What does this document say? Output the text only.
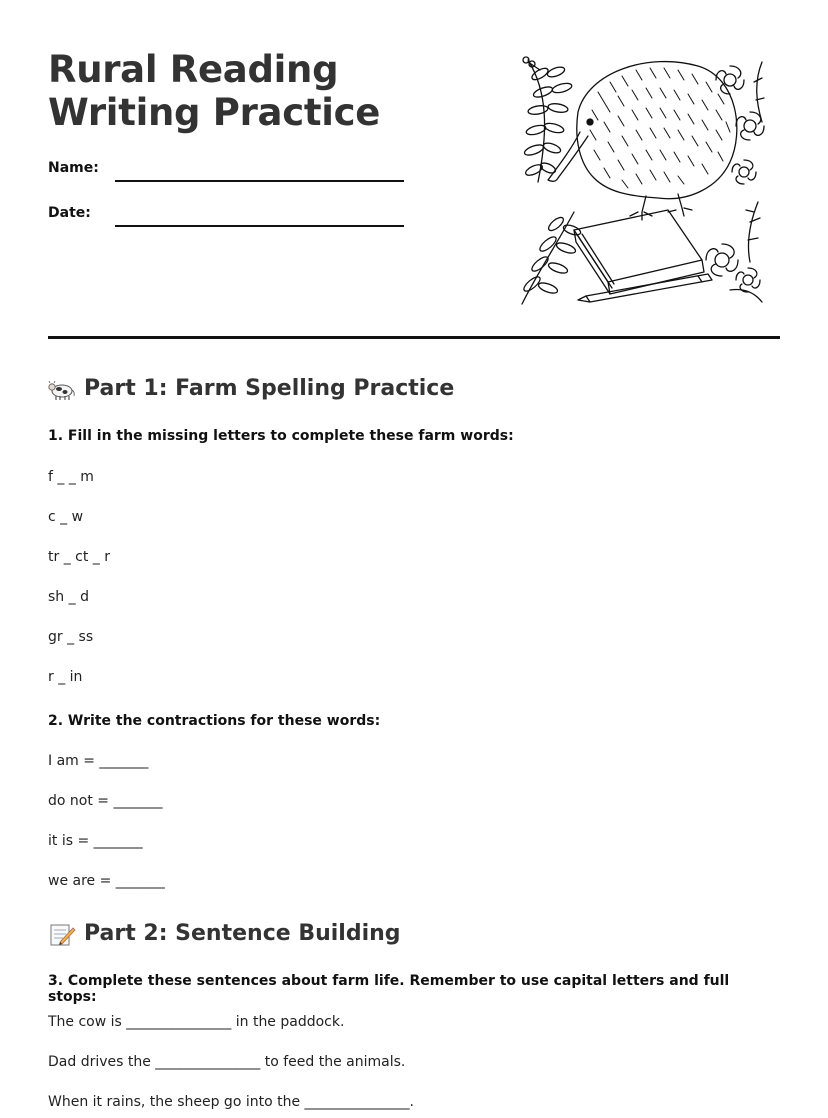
Rural Reading Writing Practice
Name:
Date:
Part 1: Farm Spelling Practice

1. Fill in the missing letters to complete these farm words:

f _ _ m
c _ w
tr _ ct _ r
sh _ d
gr _ ss
r _ in

2. Write the contractions for these words:

I am = _______
do not = _______
it is = _______
we are = _______
Part 2: Sentence Building

3. Complete these sentences about farm life. Remember to use capital letters and full stops:

The cow is _______________ in the paddock.
Dad drives the _______________ to feed the animals.
When it rains, the sheep go into the _______________.
